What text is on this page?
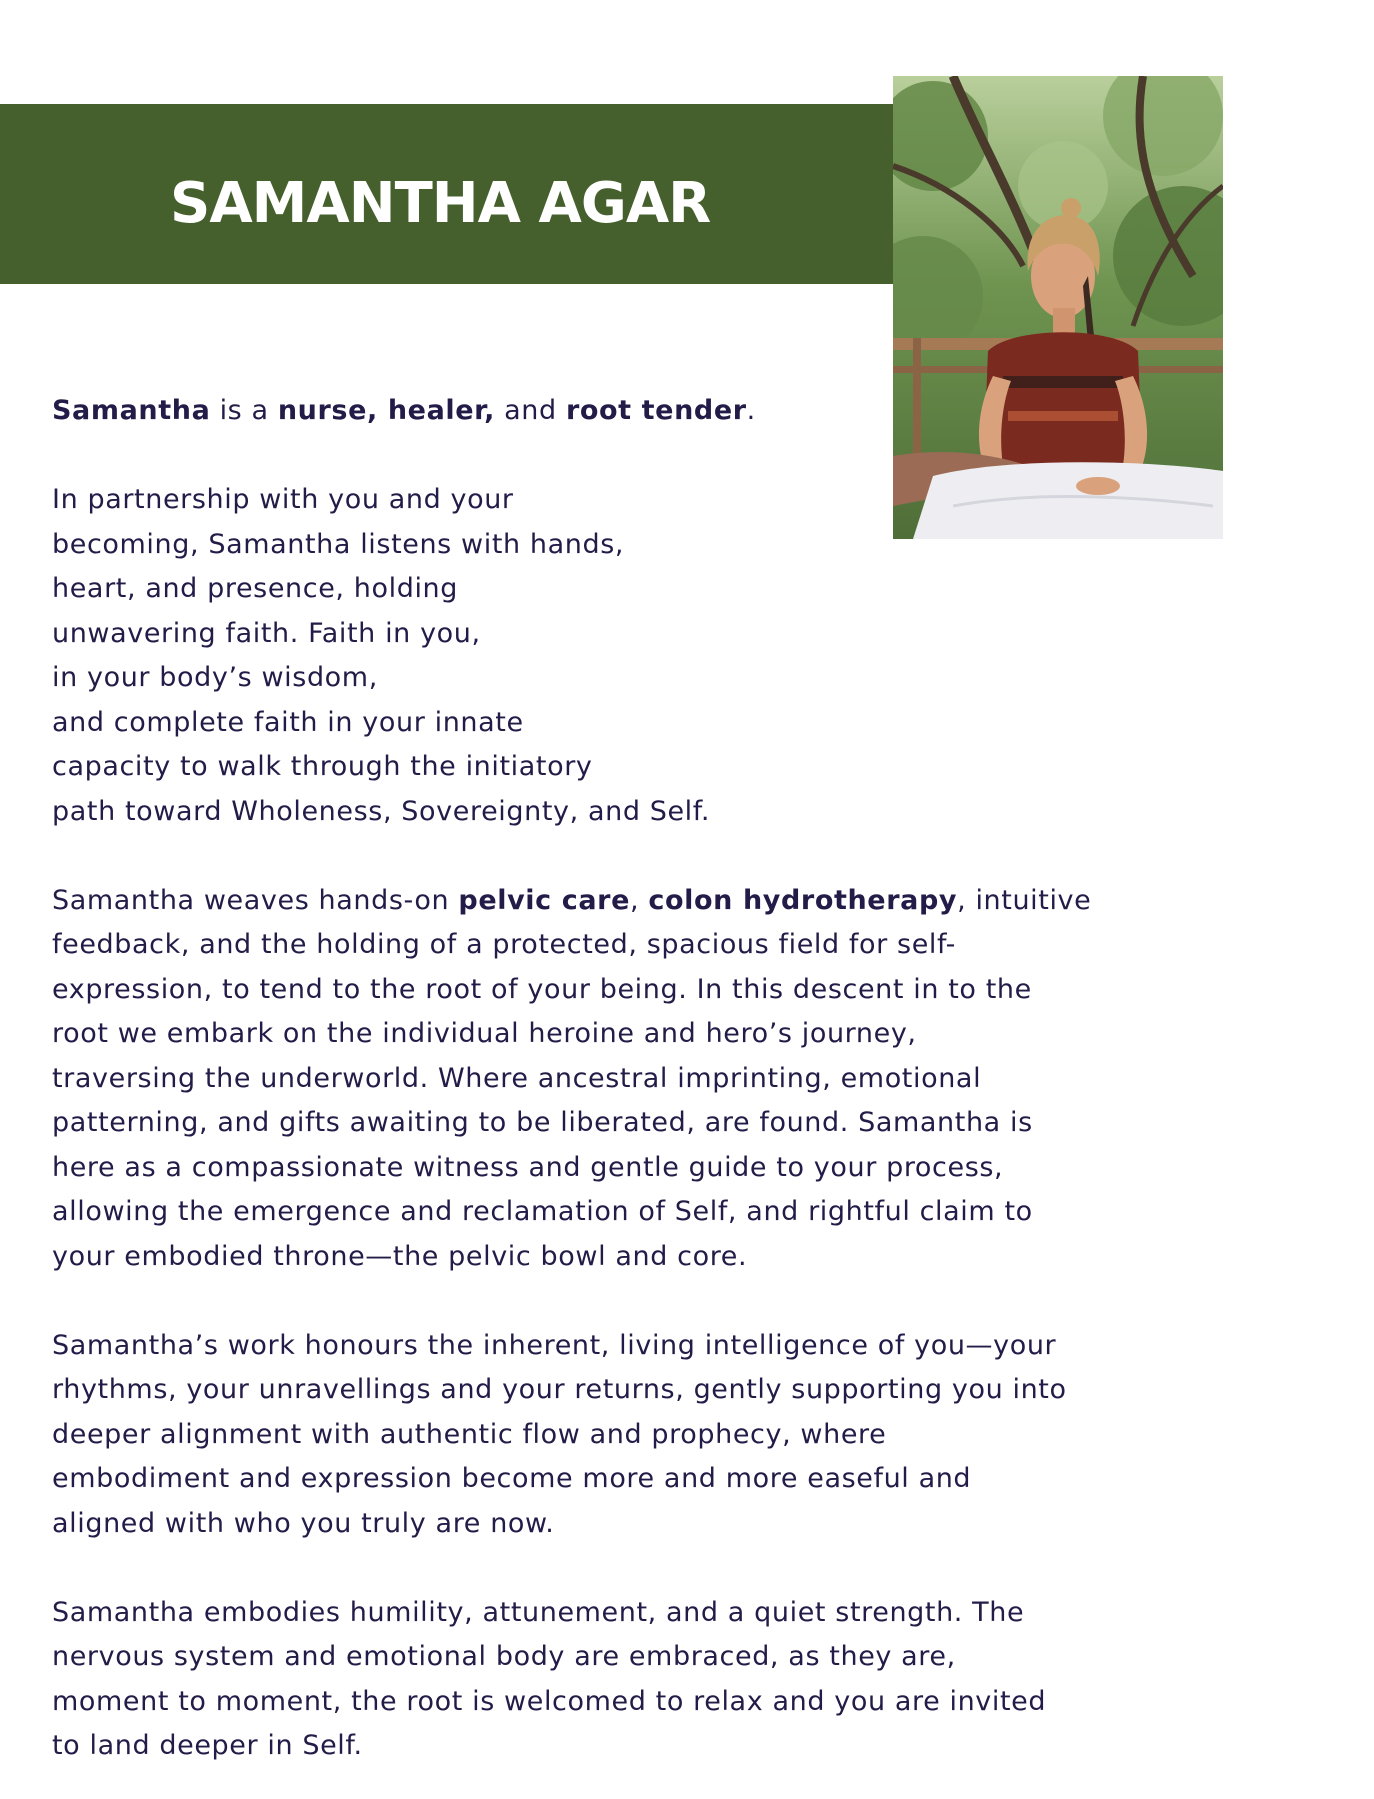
SAMANTHA AGAR

Samantha is a nurse, healer, and root tender.

In partnership with you and your
becoming, Samantha listens with hands,
heart, and presence, holding
unwavering faith. Faith in you,
in your body’s wisdom,
and complete faith in your innate
capacity to walk through the initiatory
path toward Wholeness, Sovereignty, and Self.

Samantha weaves hands-on pelvic care, colon hydrotherapy, intuitive
feedback, and the holding of a protected, spacious field for self-
expression, to tend to the root of your being. In this descent in to the
root we embark on the individual heroine and hero’s journey,
traversing the underworld. Where ancestral imprinting, emotional
patterning, and gifts awaiting to be liberated, are found. Samantha is
here as a compassionate witness and gentle guide to your process,
allowing the emergence and reclamation of Self, and rightful claim to
your embodied throne—the pelvic bowl and core.

Samantha’s work honours the inherent, living intelligence of you—your
rhythms, your unravellings and your returns, gently supporting you into
deeper alignment with authentic flow and prophecy, where
embodiment and expression become more and more easeful and
aligned with who you truly are now.

Samantha embodies humility, attunement, and a quiet strength. The
nervous system and emotional body are embraced, as they are,
moment to moment, the root is welcomed to relax and you are invited
to land deeper in Self.
